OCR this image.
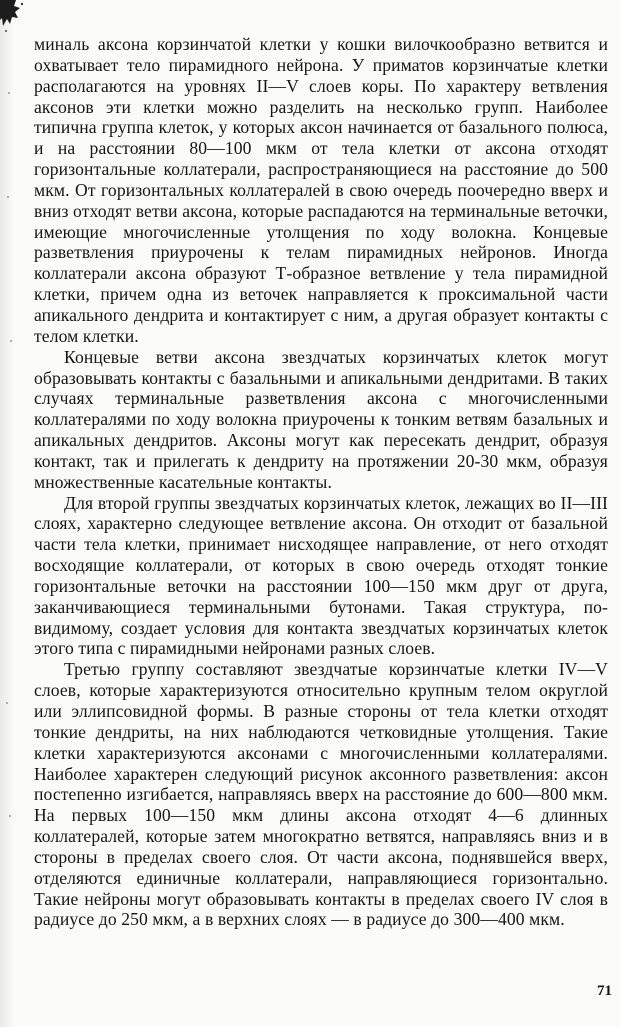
миналь аксона корзинчатой клетки у кошки вилочкообразно ветвится и охватывает тело пирамидного нейрона. У приматов корзинчатые клетки располагаются на уровнях II—V слоев коры. По характеру ветвления аксонов эти клетки можно разделить на несколько групп. Наиболее типична группа клеток, у которых аксон начинается от базального полюса, и на расстоянии 80—100 мкм от тела клетки от аксона отходят горизонтальные коллатерали, распространяющиеся на расстояние до 500 мкм. От горизонтальных коллатералей в свою очередь поочередно вверх и вниз отходят ветви аксона, которые распадаются на терминальные веточки, имеющие многочисленные утолщения по ходу волокна. Концевые разветвления приурочены к телам пирамидных нейронов. Иногда коллатерали аксона образуют Т-образное ветвление у тела пирамидной клетки, причем одна из веточек направляется к проксимальной части апикального дендрита и контактирует с ним, а другая образует контакты с телом клетки.

Концевые ветви аксона звездчатых корзинчатых клеток могут образовывать контакты с базальными и апикальными дендритами. В таких случаях терминальные разветвления аксона с многочисленными коллатералями по ходу волокна приурочены к тонким ветвям базальных и апикальных дендритов. Аксоны могут как пересекать дендрит, образуя контакт, так и прилегать к дендриту на протяжении 20-30 мкм, образуя множественные касательные контакты.

Для второй группы звездчатых корзинчатых клеток, лежащих во II—III слоях, характерно следующее ветвление аксона. Он отходит от базальной части тела клетки, принимает нисходящее направление, от него отходят восходящие коллатерали, от которых в свою очередь отходят тонкие горизонтальные веточки на расстоянии 100—150 мкм друг от друга, заканчивающиеся терминальными бутонами. Такая структура, по-видимому, создает условия для контакта звездчатых корзинчатых клеток этого типа с пирамидными нейронами разных слоев.

Третью группу составляют звездчатые корзинчатые клетки IV—V слоев, которые характеризуются относительно крупным телом округлой или эллипсовидной формы. В разные стороны от тела клетки отходят тонкие дендриты, на них наблюдаются четковидные утолщения. Такие клетки характеризуются аксонами с многочисленными коллатералями. Наиболее характерен следующий рисунок аксонного разветвления: аксон постепенно изгибается, направляясь вверх на расстояние до 600—800 мкм. На первых 100—150 мкм длины аксона отходят 4—6 длинных коллатералей, которые затем многократно ветвятся, направляясь вниз и в стороны в пределах своего слоя. От части аксона, поднявшейся вверх, отделяются единичные коллатерали, направляющиеся горизонтально. Такие нейроны могут образовывать контакты в пределах своего IV слоя в радиусе до 250 мкм, а в верхних слоях — в радиусе до 300—400 мкм.

71
